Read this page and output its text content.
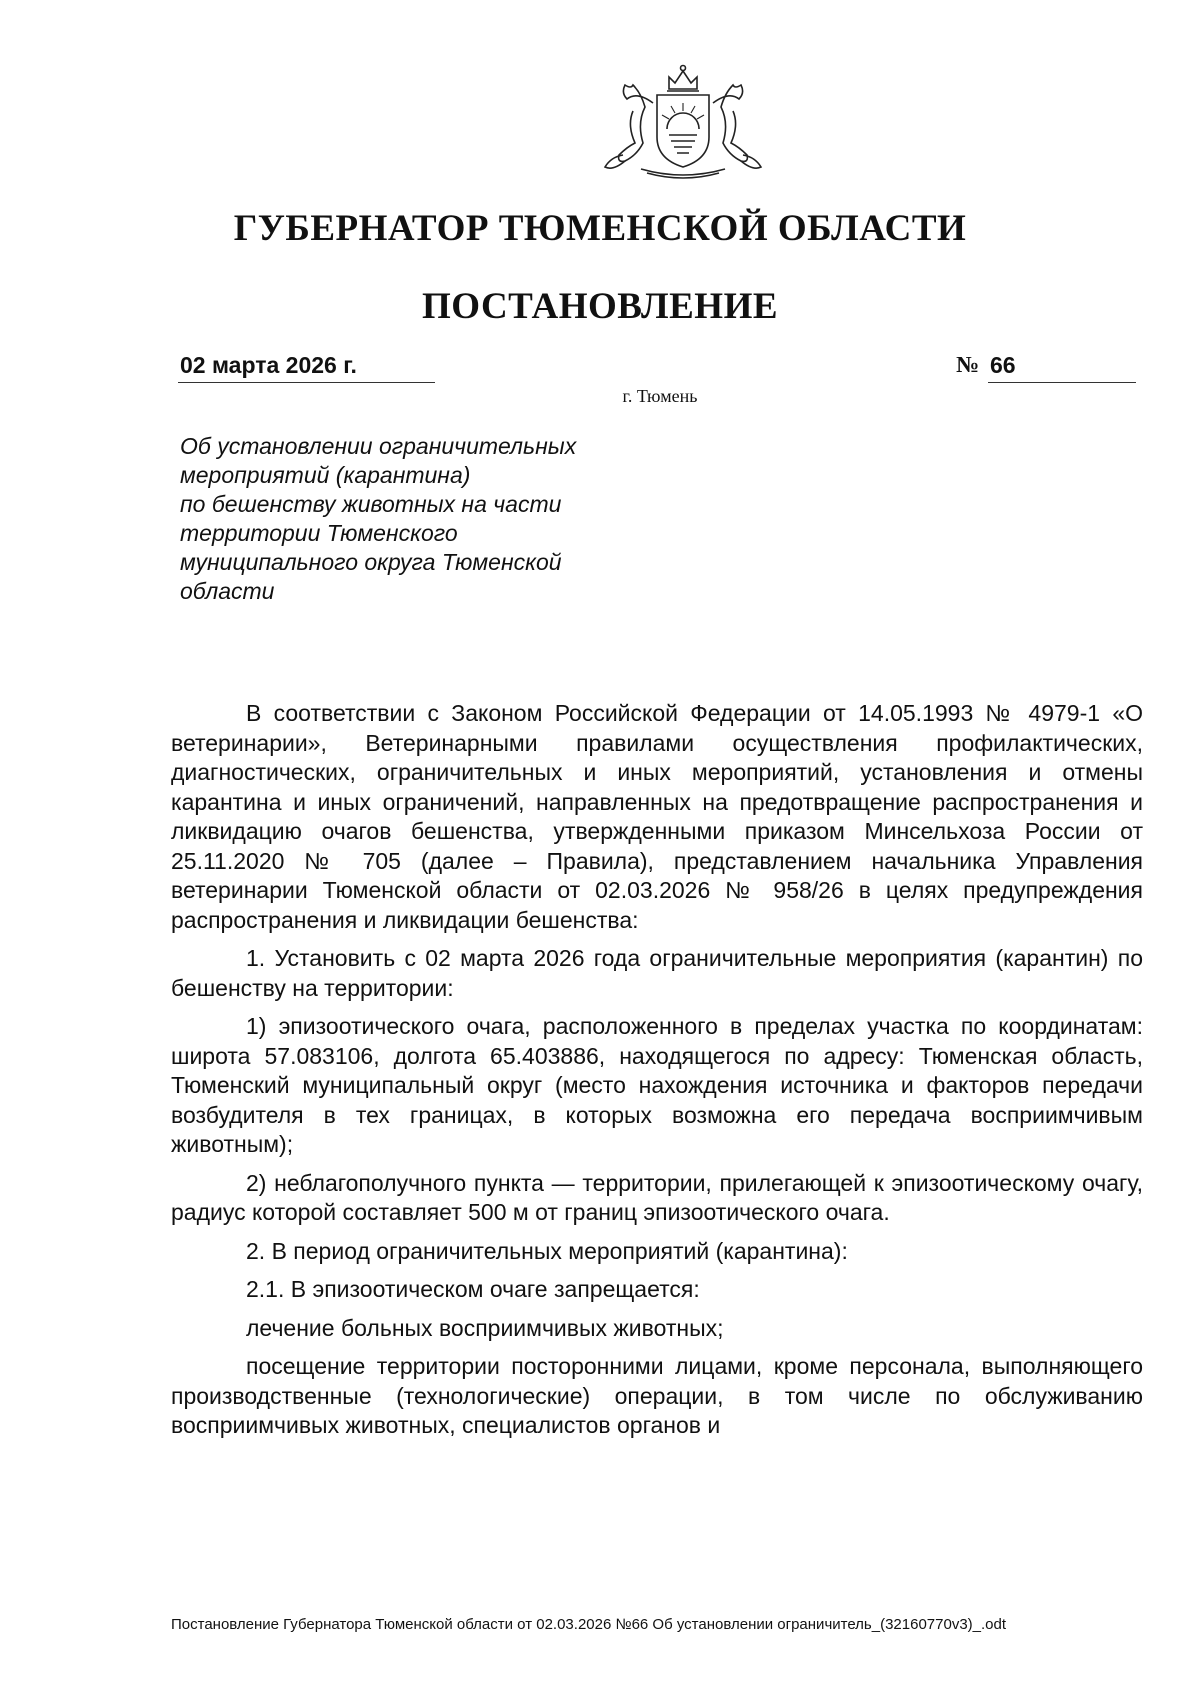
ГУБЕРНАТОР ТЮМЕНСКОЙ ОБЛАСТИ
ПОСТАНОВЛЕНИЕ
02 марта 2026 г.	№ 66
г. Тюмень
Об установлении ограничительных
мероприятий (карантина)
по бешенству животных на части
территории Тюменского
муниципального округа Тюменской
области

В соответствии с Законом Российской Федерации от 14.05.1993 № 4979-1 «О ветеринарии», Ветеринарными правилами осуществления профилактических, диагностических, ограничительных и иных мероприятий, установления и отмены карантина и иных ограничений, направленных на предотвращение распространения и ликвидацию очагов бешенства, утвержденными приказом Минсельхоза России от 25.11.2020 № 705 (далее – Правила), представлением начальника Управления ветеринарии Тюменской области от 02.03.2026 № 958/26 в целях предупреждения распространения и ликвидации бешенства:

1. Установить с 02 марта 2026 года ограничительные мероприятия (карантин) по бешенству на территории:

1) эпизоотического очага, расположенного в пределах участка по координатам: широта 57.083106, долгота 65.403886, находящегося по адресу: Тюменская область, Тюменский муниципальный округ (место нахождения источника и факторов передачи возбудителя в тех границах, в которых возможна его передача восприимчивым животным);

2) неблагополучного пункта — территории, прилегающей к эпизоотическому очагу, радиус которой составляет 500 м от границ эпизоотического очага.

2. В период ограничительных мероприятий (карантина):

2.1. В эпизоотическом очаге запрещается:

лечение больных восприимчивых животных;

посещение территории посторонними лицами, кроме персонала, выполняющего производственные (технологические) операции, в том числе по обслуживанию восприимчивых животных, специалистов органов и

Постановление Губернатора Тюменской области от 02.03.2026 №66 Об установлении ограничитель_(32160770v3)_.odt
